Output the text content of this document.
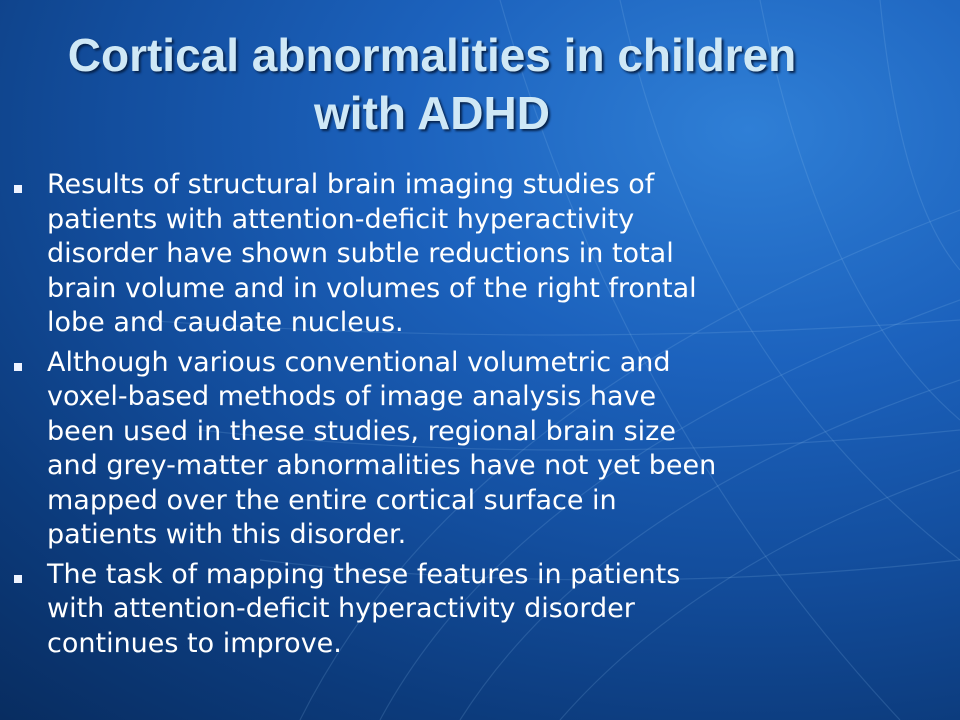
Cortical abnormalities in children
with ADHD
Results of structural brain imaging studies of
patients with attention-deficit hyperactivity
disorder have shown subtle reductions in total
brain volume and in volumes of the right frontal
lobe and caudate nucleus.
Although various conventional volumetric and
voxel-based methods of image analysis have
been used in these studies, regional brain size
and grey-matter abnormalities have not yet been
mapped over the entire cortical surface in
patients with this disorder.
The task of mapping these features in patients
with attention-deficit hyperactivity disorder
continues to improve.
